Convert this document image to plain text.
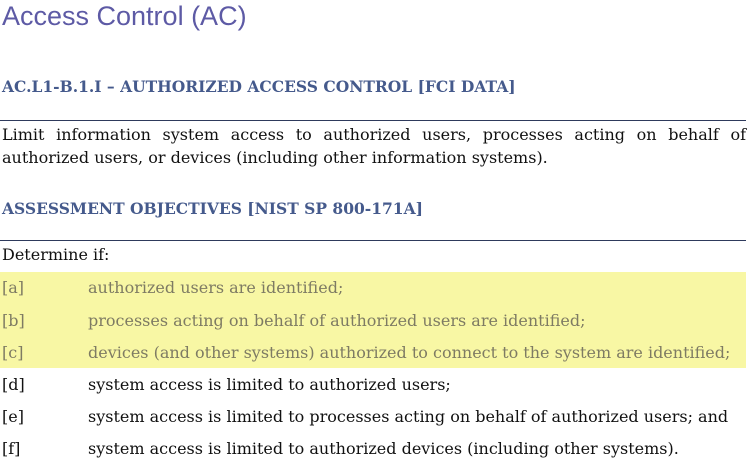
Access Control (AC)
AC.L1-B.1.I – AUTHORIZED ACCESS CONTROL [FCI DATA]
Limit information system access to authorized users, processes acting on behalf of authorized users, or devices (including other information systems).
ASSESSMENT OBJECTIVES [NIST SP 800-171A]
Determine if:
[a]	authorized users are identified;
[b]	processes acting on behalf of authorized users are identified;
[c]	devices (and other systems) authorized to connect to the system are identified;
[d]	system access is limited to authorized users;
[e]	system access is limited to processes acting on behalf of authorized users; and
[f]	system access is limited to authorized devices (including other systems).
